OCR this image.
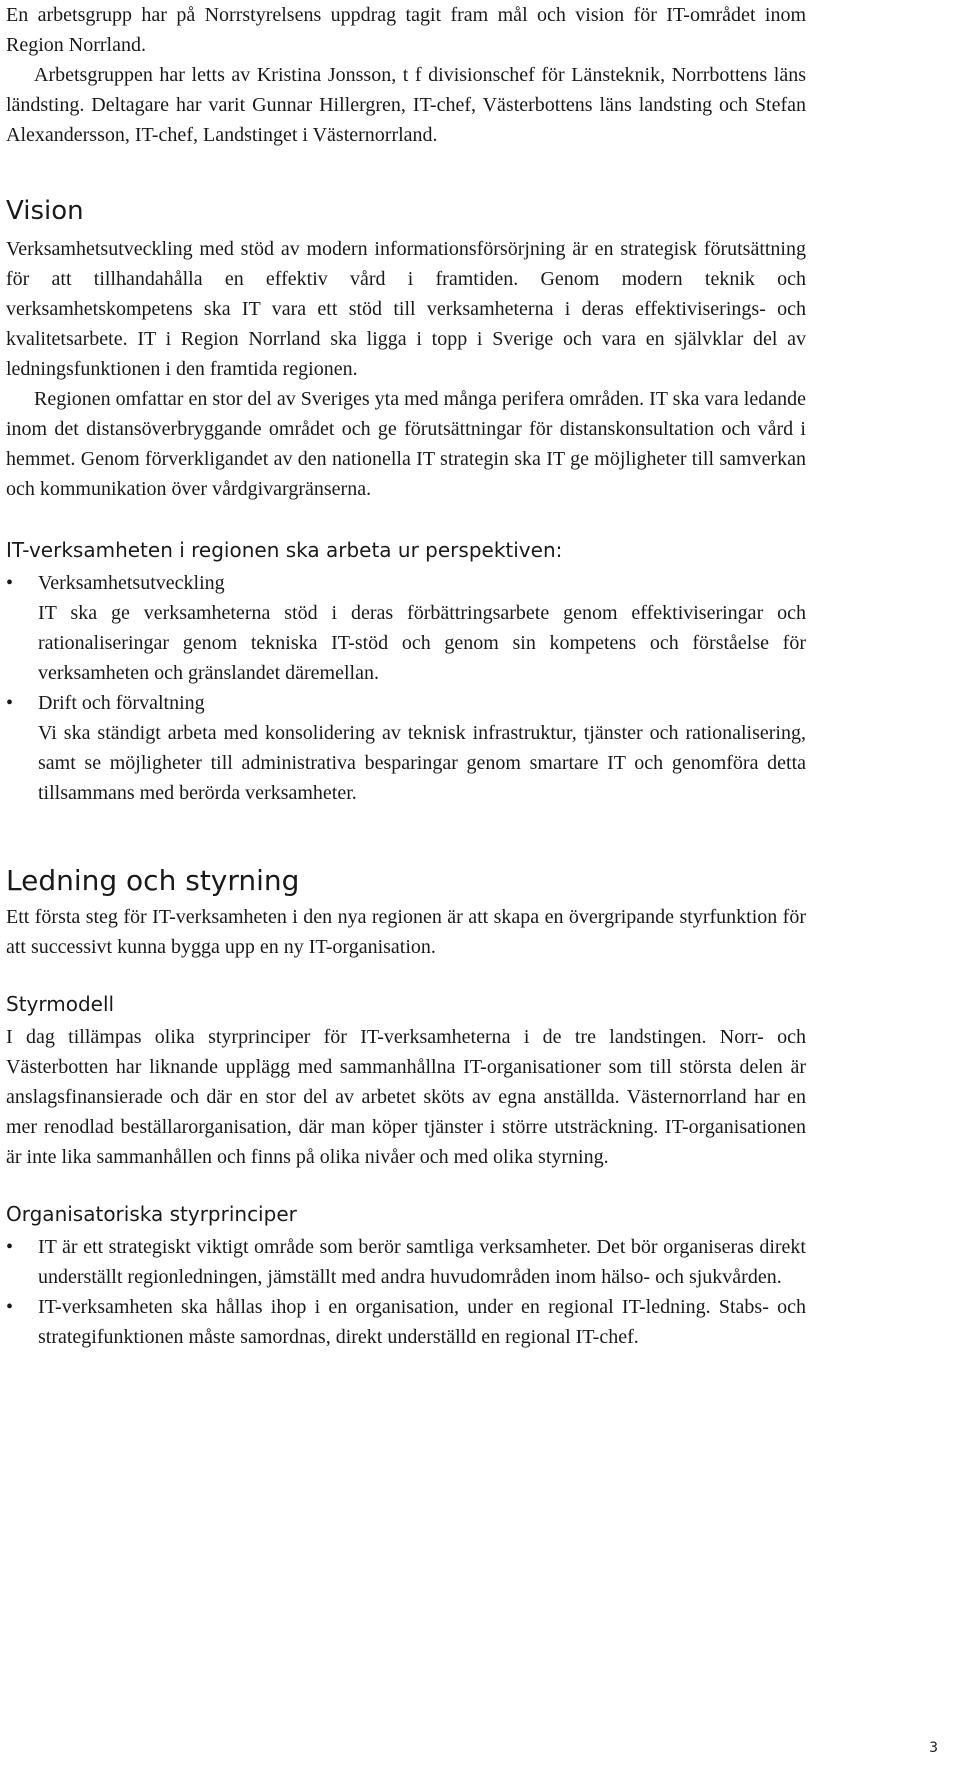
En arbetsgrupp har på Norrstyrelsens uppdrag tagit fram mål och vision för IT-området inom Region Norrland.

Arbetsgruppen har letts av Kristina Jonsson, t f divisionschef för Länsteknik, Norrbottens läns ländsting. Deltagare har varit Gunnar Hillergren, IT-chef, Västerbottens läns landsting och Stefan Alexandersson, IT-chef, Landstinget i Västernorrland.

Vision

Verksamhetsutveckling med stöd av modern informationsförsörjning är en strategisk förutsättning för att tillhandahålla en effektiv vård i framtiden. Genom modern teknik och verksamhetskompetens ska IT vara ett stöd till verksamheterna i deras effektiviserings- och kvalitetsarbete. IT i Region Norrland ska ligga i topp i Sverige och vara en självklar del av ledningsfunktionen i den framtida regionen.

Regionen omfattar en stor del av Sveriges yta med många perifera områden. IT ska vara ledande inom det distansöverbryggande området och ge förutsättningar för distanskonsultation och vård i hemmet. Genom förverkligandet av den nationella IT strategin ska IT ge möjligheter till samverkan och kommunikation över vårdgivargränserna.

IT-verksamheten i regionen ska arbeta ur perspektiven:
•	Verksamhetsutveckling
IT ska ge verksamheterna stöd i deras förbättringsarbete genom effektiviseringar och rationaliseringar genom tekniska IT-stöd och genom sin kompetens och förståelse för verksamheten och gränslandet däremellan.
•	Drift och förvaltning
Vi ska ständigt arbeta med konsolidering av teknisk infrastruktur, tjänster och rationalisering, samt se möjligheter till administrativa besparingar genom smartare IT och genomföra detta tillsammans med berörda verksamheter.
Ledning och styrning

Ett första steg för IT-verksamheten i den nya regionen är att skapa en övergripande styrfunktion för att successivt kunna bygga upp en ny IT-organisation.

Styrmodell

I dag tillämpas olika styrprinciper för IT-verksamheterna i de tre landstingen. Norr- och Västerbotten har liknande upplägg med sammanhållna IT-organisationer som till största delen är anslagsfinansierade och där en stor del av arbetet sköts av egna anställda. Västernorrland har en mer renodlad beställarorganisation, där man köper tjänster i större utsträckning. IT-organisationen är inte lika sammanhållen och finns på olika nivåer och med olika styrning.

Organisatoriska styrprinciper
•	IT är ett strategiskt viktigt område som berör samtliga verksamheter. Det bör organiseras direkt underställt regionledningen, jämställt med andra huvudområden inom hälso- och sjukvården.
•	IT-verksamheten ska hållas ihop i en organisation, under en regional IT-ledning. Stabs- och strategifunktionen måste samordnas, direkt underställd en regional IT-chef.
3
